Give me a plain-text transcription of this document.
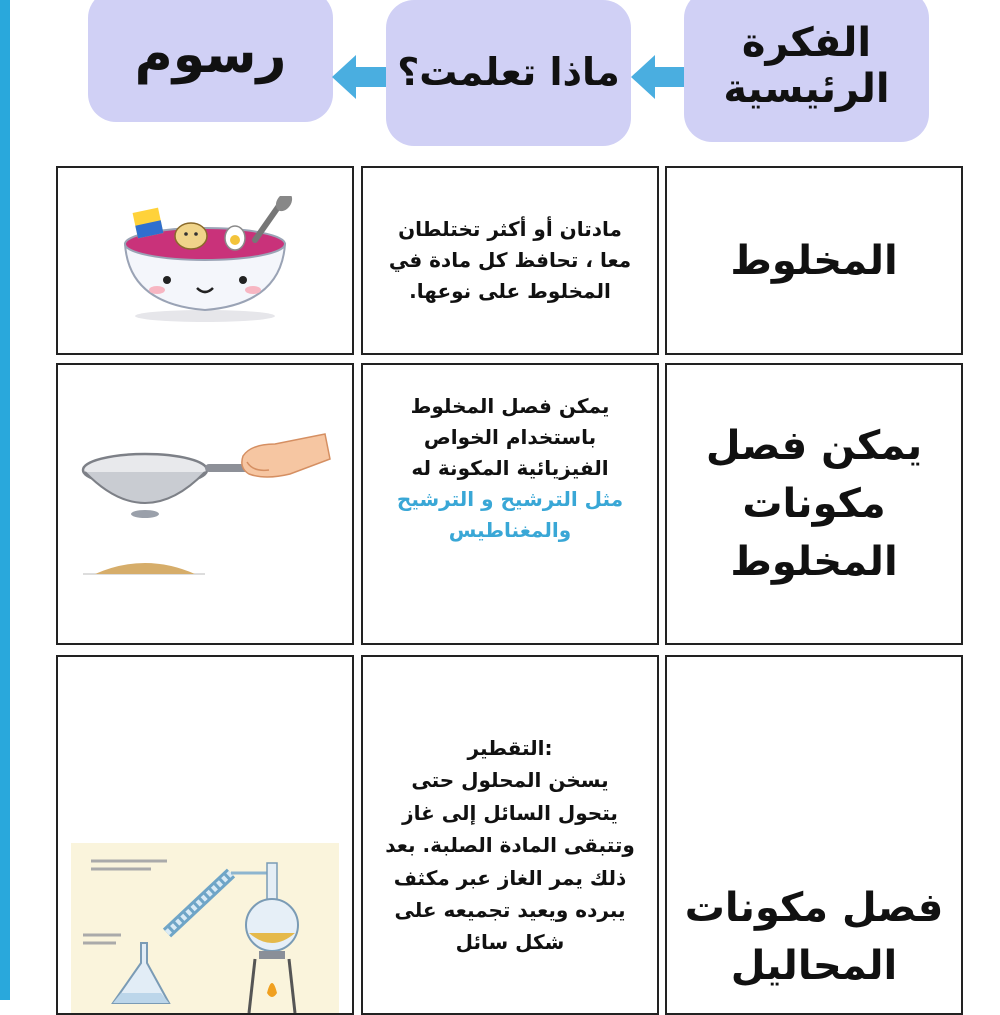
رسوم	ماذا تعلمت؟
الفكرة الرئيسية
مادتان أو أكثر تختلطان معا ، تحافظ كل مادة في المخلوط على نوعها.
المخلوط
يمكن فصل المخلوط باستخدام الخواص الفيزيائية المكونة له
مثل الترشيح و الترشيح والمغناطيس
يمكن فصل مكونات المخلوط
:التقطير
يسخن المحلول حتى يتحول السائل إلى غاز وتتبقى المادة الصلبة. بعد ذلك يمر الغاز عبر مكثف يبرده ويعيد تجميعه على شكل سائل
فصل مكونات المحاليل
